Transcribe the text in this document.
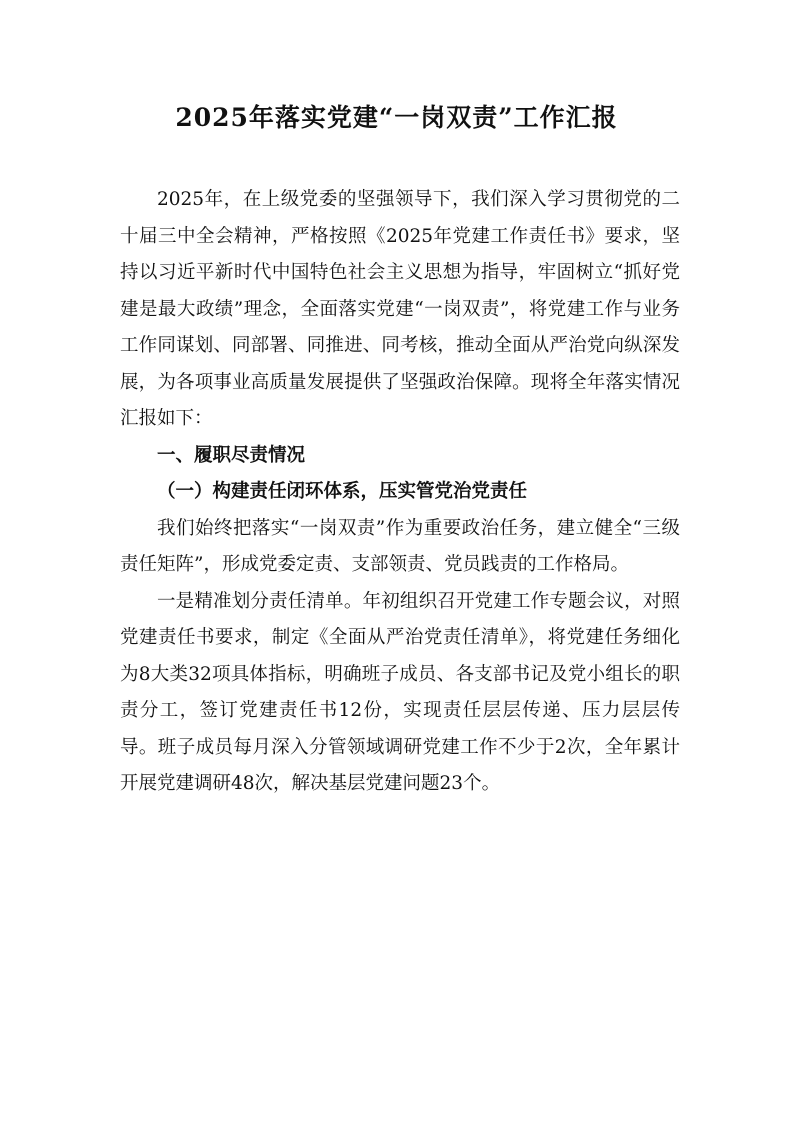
2025年落实党建“一岗双责”工作汇报

2025年，在上级党委的坚强领导下，我们深入学习贯彻党的二十届三中全会精神，严格按照《2025年党建工作责任书》要求，坚持以习近平新时代中国特色社会主义思想为指导，牢固树立“抓好党建是最大政绩”理念，全面落实党建“一岗双责”，将党建工作与业务工作同谋划、同部署、同推进、同考核，推动全面从严治党向纵深发展，为各项事业高质量发展提供了坚强政治保障。现将全年落实情况汇报如下：

一、履职尽责情况

（一）构建责任闭环体系，压实管党治党责任

我们始终把落实“一岗双责”作为重要政治任务，建立健全“三级责任矩阵”，形成党委定责、支部领责、党员践责的工作格局。

一是精准划分责任清单。年初组织召开党建工作专题会议，对照党建责任书要求，制定《全面从严治党责任清单》，将党建任务细化为8大类32项具体指标，明确班子成员、各支部书记及党小组长的职责分工，签订党建责任书12份，实现责任层层传递、压力层层传导。班子成员每月深入分管领域调研党建工作不少于2次，全年累计开展党建调研48次，解决基层党建问题23个。
